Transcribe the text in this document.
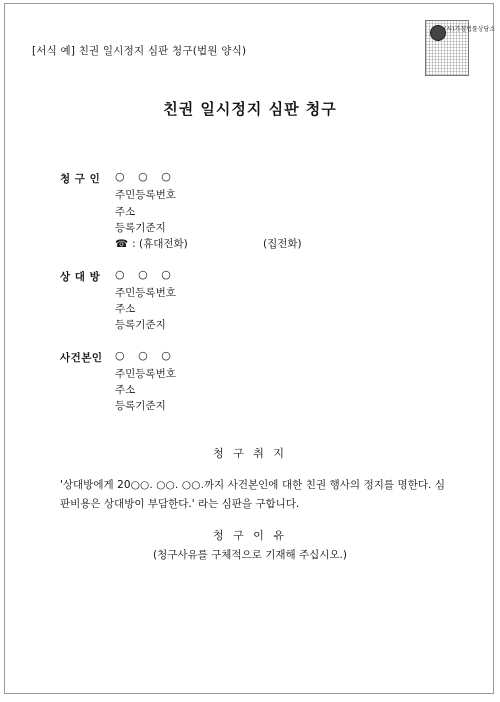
[서식 예] 친권 일시정지 심판 청구(법원 양식)
(사)가정법률상담소
친권 일시정지 심판 청구
청 구 인 ○ ○ ○
주민등록번호
주소
등록기준지
☎ : (휴대전화)	(집전화)
상 대 방 ○ ○ ○
주민등록번호
주소
등록기준지
사건본인 ○ ○ ○
주민등록번호
주소
등록기준지
청 구 취 지
'상대방에게 20○○. ○○. ○○.까지 사건본인에 대한 친권 행사의 정지를 명한다. 심판비용은 상대방이 부담한다.' 라는 심판을 구합니다.
청 구 이 유
(청구사유를 구체적으로 기재해 주십시오.)
